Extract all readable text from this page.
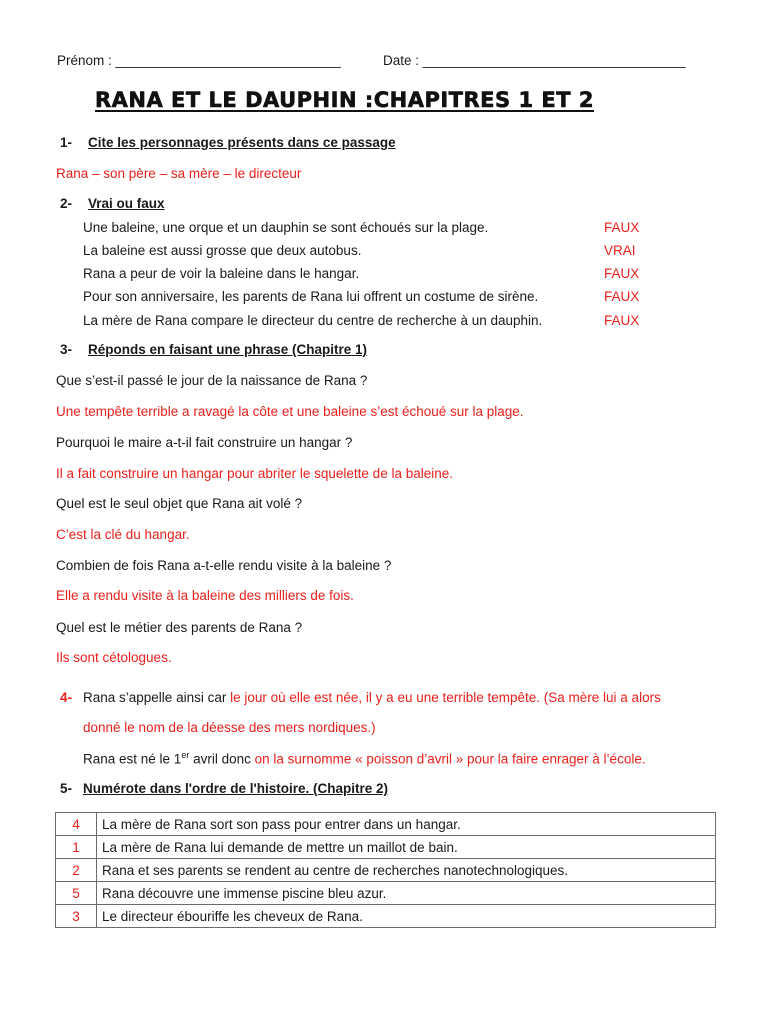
Prénom : ______________________________	Date : ___________________________________
RANA ET LE DAUPHIN :CHAPITRES 1 ET 2
1- Cite les personnages présents dans ce passage
Rana – son père – sa mère – le directeur
2- Vrai ou faux
Une baleine, une orque et un dauphin se sont échoués sur la plage.	FAUX
La baleine est aussi grosse que deux autobus.	VRAI
Rana a peur de voir la baleine dans le hangar.	FAUX
Pour son anniversaire, les parents de Rana lui offrent un costume de sirène.	FAUX
La mère de Rana compare le directeur du centre de recherche à un dauphin.	FAUX
3- Réponds en faisant une phrase (Chapitre 1)
Que s’est-il passé le jour de la naissance de Rana ?
Une tempête terrible a ravagé la côte et une baleine s’est échoué sur la plage.
Pourquoi le maire a-t-il fait construire un hangar ?
Il a fait construire un hangar pour abriter le squelette de la baleine.
Quel est le seul objet que Rana ait volé ?
C’est la clé du hangar.
Combien de fois Rana a-t-elle rendu visite à la baleine ?
Elle a rendu visite à la baleine des milliers de fois.
Quel est le métier des parents de Rana ?
Ils sont cétologues.
4- Rana s’appelle ainsi car le jour où elle est née, il y a eu une terrible tempête. (Sa mère lui a alors
donné le nom de la déesse des mers nordiques.)
Rana est né le 1er avril donc on la surnomme « poisson d’avril » pour la faire enrager à l’école.
5- Numérote dans l'ordre de l'histoire. (Chapitre 2)
4	La mère de Rana sort son pass pour entrer dans un hangar.
1	La mère de Rana lui demande de mettre un maillot de bain.
2	Rana et ses parents se rendent au centre de recherches nanotechnologiques.
5	Rana découvre une immense piscine bleu azur.
3	Le directeur ébouriffe les cheveux de Rana.
